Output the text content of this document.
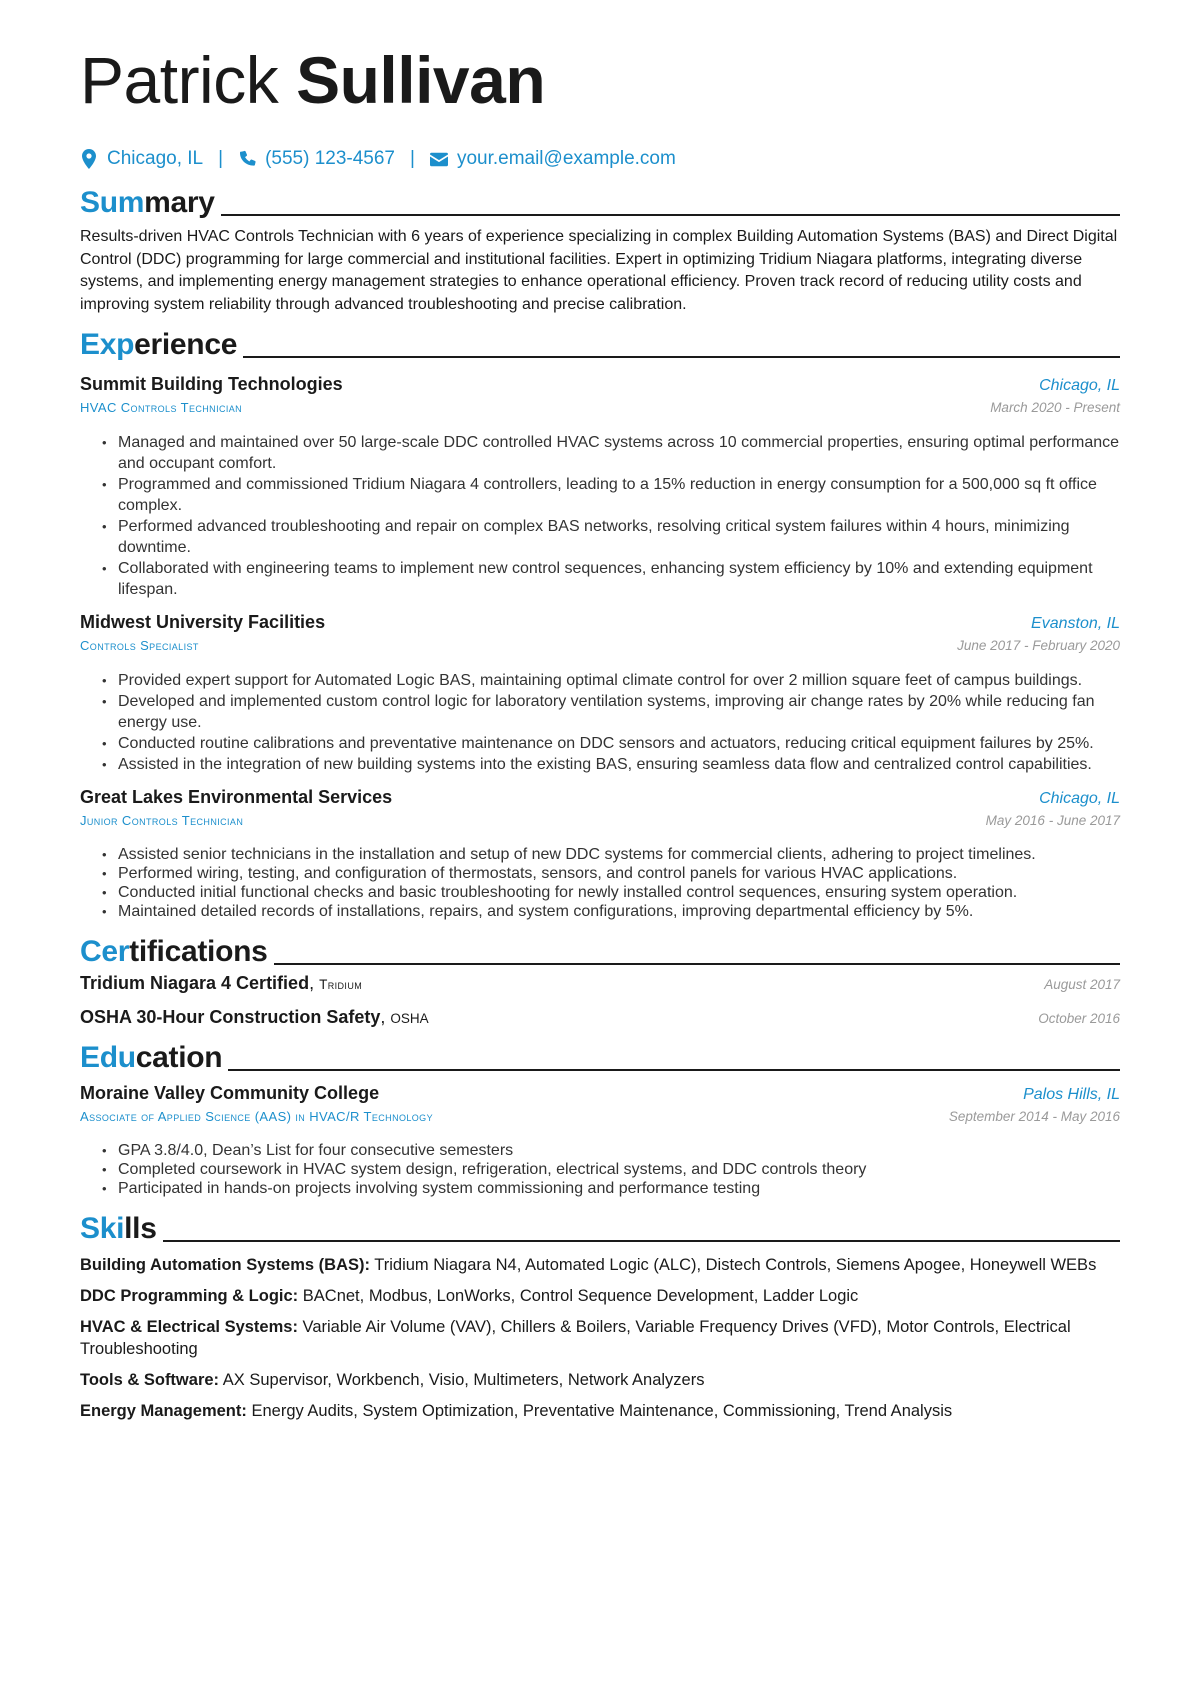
Patrick Sullivan
Chicago, IL | (555) 123-4567 | your.email@example.com
Summary
Results-driven HVAC Controls Technician with 6 years of experience specializing in complex Building Automation Systems (BAS) and Direct Digital Control (DDC) programming for large commercial and institutional facilities. Expert in optimizing Tridium Niagara platforms, integrating diverse systems, and implementing energy management strategies to enhance operational efficiency. Proven track record of reducing utility costs and improving system reliability through advanced troubleshooting and precise calibration.
Experience
Summit Building Technologies	Chicago, IL
HVAC Controls Technician	March 2020 - Present
• Managed and maintained over 50 large-scale DDC controlled HVAC systems across 10 commercial properties, ensuring optimal performance and occupant comfort.
• Programmed and commissioned Tridium Niagara 4 controllers, leading to a 15% reduction in energy consumption for a 500,000 sq ft office complex.
• Performed advanced troubleshooting and repair on complex BAS networks, resolving critical system failures within 4 hours, minimizing downtime.
• Collaborated with engineering teams to implement new control sequences, enhancing system efficiency by 10% and extending equipment lifespan.
Midwest University Facilities	Evanston, IL
Controls Specialist	June 2017 - February 2020
• Provided expert support for Automated Logic BAS, maintaining optimal climate control for over 2 million square feet of campus buildings.
• Developed and implemented custom control logic for laboratory ventilation systems, improving air change rates by 20% while reducing fan energy use.
• Conducted routine calibrations and preventative maintenance on DDC sensors and actuators, reducing critical equipment failures by 25%.
• Assisted in the integration of new building systems into the existing BAS, ensuring seamless data flow and centralized control capabilities.
Great Lakes Environmental Services	Chicago, IL
Junior Controls Technician	May 2016 - June 2017
• Assisted senior technicians in the installation and setup of new DDC systems for commercial clients, adhering to project timelines.
• Performed wiring, testing, and configuration of thermostats, sensors, and control panels for various HVAC applications.
• Conducted initial functional checks and basic troubleshooting for newly installed control sequences, ensuring system operation.
• Maintained detailed records of installations, repairs, and system configurations, improving departmental efficiency by 5%.
Certifications
Tridium Niagara 4 Certified, Tridium	August 2017
OSHA 30-Hour Construction Safety, OSHA	October 2016
Education
Moraine Valley Community College	Palos Hills, IL
Associate of Applied Science (AAS) in HVAC/R Technology	September 2014 - May 2016
• GPA 3.8/4.0, Dean’s List for four consecutive semesters
• Completed coursework in HVAC system design, refrigeration, electrical systems, and DDC controls theory
• Participated in hands-on projects involving system commissioning and performance testing
Skills
Building Automation Systems (BAS): Tridium Niagara N4, Automated Logic (ALC), Distech Controls, Siemens Apogee, Honeywell WEBs
DDC Programming & Logic: BACnet, Modbus, LonWorks, Control Sequence Development, Ladder Logic
HVAC & Electrical Systems: Variable Air Volume (VAV), Chillers & Boilers, Variable Frequency Drives (VFD), Motor Controls, Electrical Troubleshooting
Tools & Software: AX Supervisor, Workbench, Visio, Multimeters, Network Analyzers
Energy Management: Energy Audits, System Optimization, Preventative Maintenance, Commissioning, Trend Analysis
